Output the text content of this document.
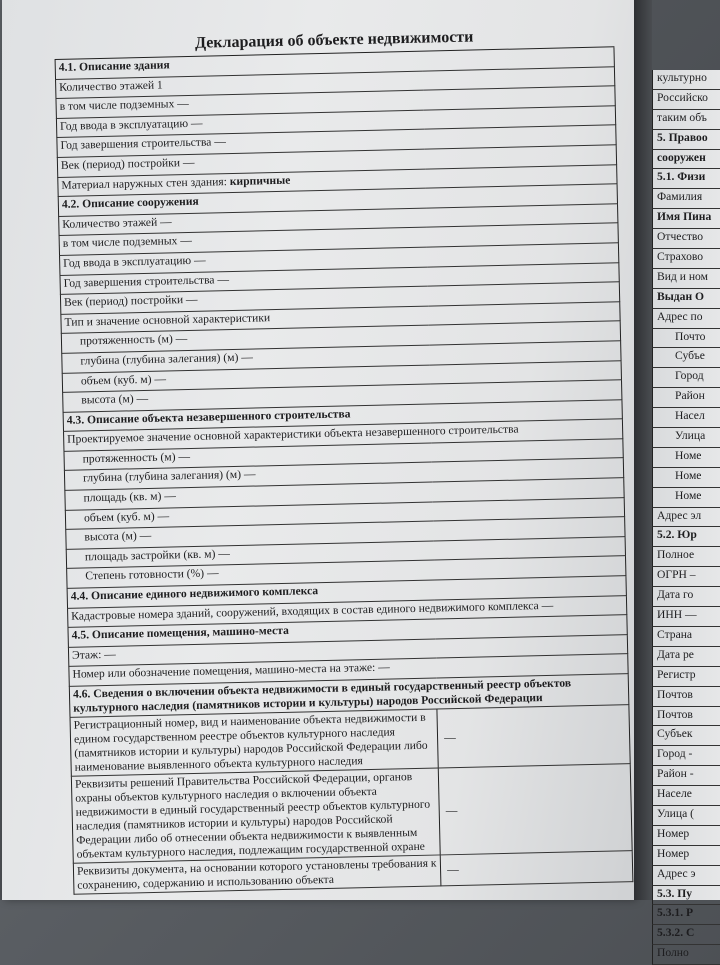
Декларация об объекте недвижимости
4.1. Описание здания	
Количество этажей 1	
в том числе подземных —	
Год ввода в эксплуатацию —	
Год завершения строительства —	
Век (период) постройки —	
Материал наружных стен здания: кирпичные	
4.2. Описание сооружения	
Количество этажей —	
в том числе подземных —	
Год ввода в эксплуатацию —	
Год завершения строительства —	
Век (период) постройки —	
Тип и значение основной характеристики	
протяженность (м) —	
глубина (глубина залегания) (м) —	
объем (куб. м) —	
высота (м) —	
4.3. Описание объекта незавершенного строительства	
Проектируемое значение основной характеристики объекта незавершенного строительства	
протяженность (м) —	
глубина (глубина залегания) (м) —	
площадь (кв. м) —	
объем (куб. м) —	
высота (м) —	
площадь застройки (кв. м) —	
Степень готовности (%) —	
4.4. Описание единого недвижимого комплекса	
Кадастровые номера зданий, сооружений, входящих в состав единого недвижимого комплекса —	
4.5. Описание помещения, машино-места	
Этаж: —	
Номер или обозначение помещения, машино-места на этаже: —	
4.6. Сведения о включении объекта недвижимости в единый государственный реестр объектов культурного наследия (памятников истории и культуры) народов Российской Федерации	
Регистрационный номер, вид и наименование объекта недвижимости в едином государственном реестре объектов культурного наследия (памятников истории и культуры) народов Российской Федерации либо наименование выявленного объекта культурного наследия	—
Реквизиты решений Правительства Российской Федерации, органов охраны объектов культурного наследия о включении объекта недвижимости в единый государственный реестр объектов культурного наследия (памятников истории и культуры) народов Российской Федерации либо об отнесении объекта недвижимости к выявленным объектам культурного наследия, подлежащим государственной охране	—
Реквизиты документа, на основании которого установлены требования к сохранению, содержанию и использованию объекта	—
культурно
Российско
таким объ
5. Правоо
сооружен
5.1. Физи
Фамилия
Имя Пина
Отчество
Страхово
Вид и ном
Выдан О
Адрес по
Почто
Субъе
Город
Район
Насел
Улица
Номе
Номе
Номе
Адрес эл
5.2. Юр
Полное
ОГРН –
Дата го
ИНН —
Страна
Дата ре
Регистр
Почтов
Почтов
Субъек
Город -
Район -
Населе
Улица (
Номер
Номер
Адрес э
5.3. Пу
5.3.1. Р
5.3.2. С
Полно
